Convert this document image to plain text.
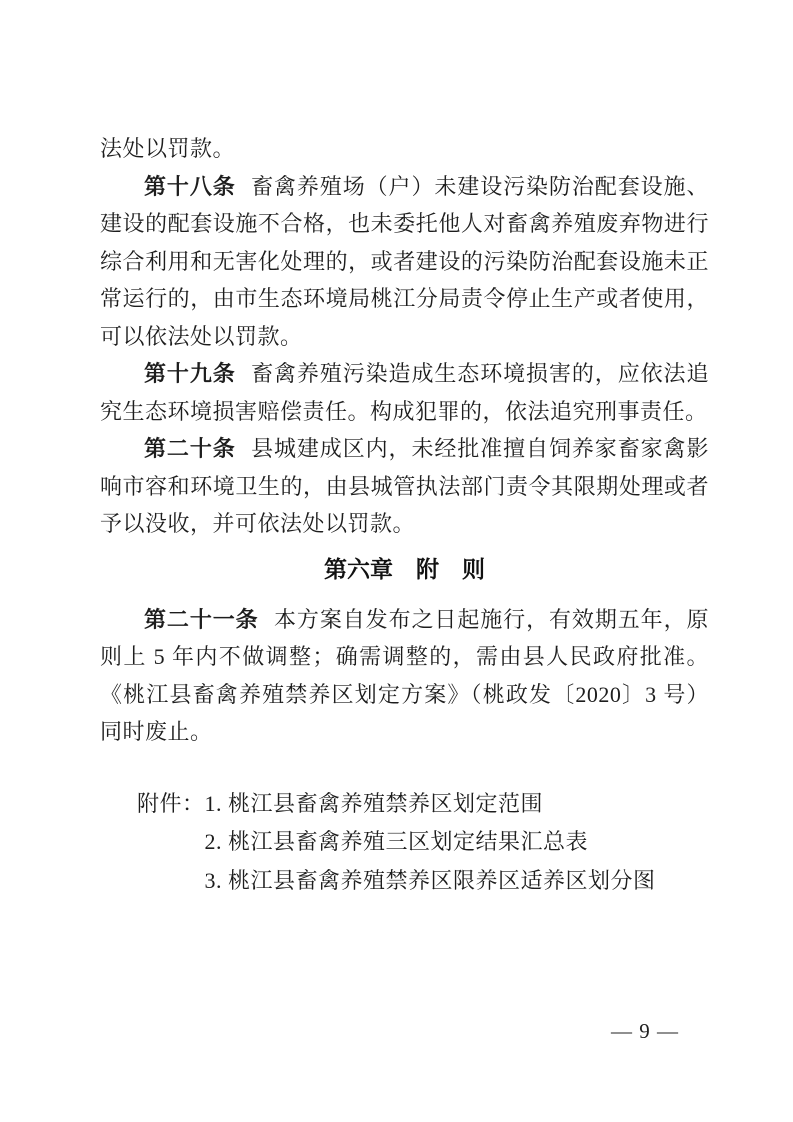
法处以罚款。

第十八条 畜禽养殖场（户）未建设污染防治配套设施、建设的配套设施不合格，也未委托他人对畜禽养殖废弃物进行综合利用和无害化处理的，或者建设的污染防治配套设施未正常运行的，由市生态环境局桃江分局责令停止生产或者使用，可以依法处以罚款。

第十九条 畜禽养殖污染造成生态环境损害的，应依法追究生态环境损害赔偿责任。构成犯罪的，依法追究刑事责任。

第二十条 县城建成区内，未经批准擅自饲养家畜家禽影响市容和环境卫生的，由县城管执法部门责令其限期处理或者予以没收，并可依法处以罚款。

第六章　附　则

第二十一条 本方案自发布之日起施行，有效期五年，原则上 5 年内不做调整；确需调整的，需由县人民政府批准。《桃江县畜禽养殖禁养区划定方案》（桃政发〔2020〕3 号）同时废止。

附件： 1. 桃江县畜禽养殖禁养区划定范围
2. 桃江县畜禽养殖三区划定结果汇总表
3. 桃江县畜禽养殖禁养区限养区适养区划分图
— 9 —
